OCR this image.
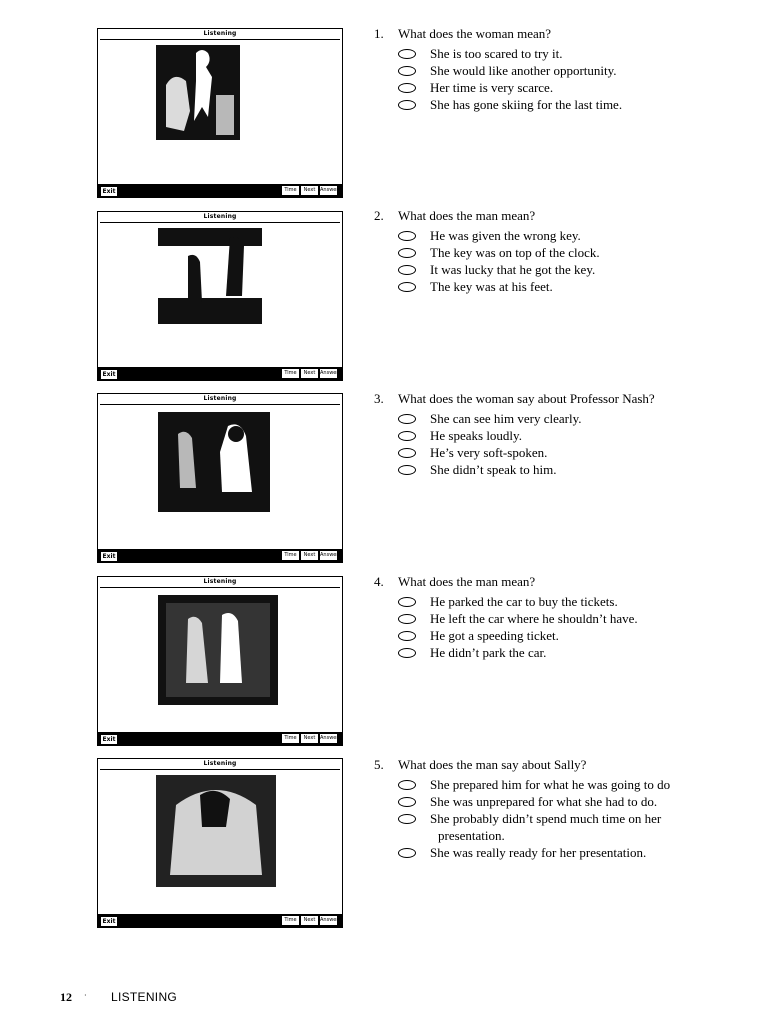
Listening
Exit	Time	Next Answer
1.	What does the woman mean?
She is too scared to try it.
She would like another opportunity.
Her time is very scarce.
She has gone skiing for the last time.
Listening
Exit	Time	Next Answer
2.	What does the man mean?
He was given the wrong key.
The key was on top of the clock.
It was lucky that he got the key.
The key was at his feet.
Listening
Exit	Time	Next Answer
3.	What does the woman say about Professor Nash?
She can see him very clearly.
He speaks loudly.
He’s very soft-spoken.
She didn’t speak to him.
Listening
Exit	Time	Next Answer
4.	What does the man mean?
He parked the car to buy the tickets.
He left the car where he shouldn’t have.
He got a speeding ticket.
He didn’t park the car.
Listening
Exit	Time	Next Answer
5.	What does the man say about Sally?
She prepared him for what he was going to do
She was unprepared for what she had to do.
She probably didn’t spend much time on her
presentation.
She was really ready for her presentation.
12 · LISTENING
